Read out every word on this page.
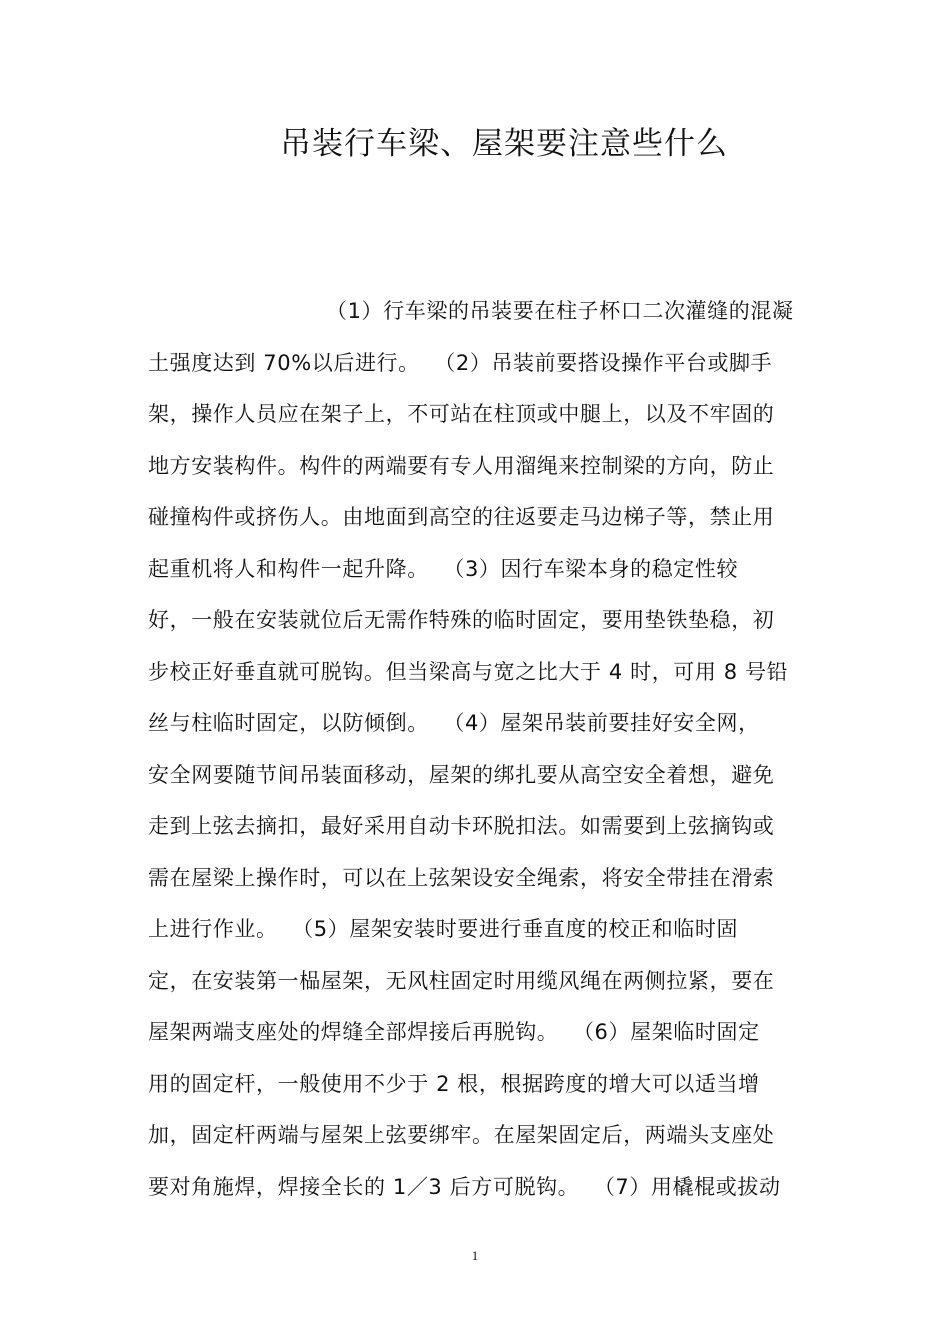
吊装行车梁、屋架要注意些什么
（1）行车梁的吊装要在柱子杯口二次灌缝的混凝
土强度达到 70%以后进行。  （2）吊装前要搭设操作平台或脚手
架，操作人员应在架子上，不可站在柱顶或中腿上，以及不牢固的
地方安装构件。构件的两端要有专人用溜绳来控制梁的方向，防止
碰撞构件或挤伤人。由地面到高空的往返要走马边梯子等，禁止用
起重机将人和构件一起升降。  （3）因行车梁本身的稳定性较
好，一般在安装就位后无需作特殊的临时固定，要用垫铁垫稳，初
步校正好垂直就可脱钩。但当梁高与宽之比大于 4 时，可用 8 号铅
丝与柱临时固定，以防倾倒。  （4）屋架吊装前要挂好安全网，
安全网要随节间吊装面移动，屋架的绑扎要从高空安全着想，避免
走到上弦去摘扣，最好采用自动卡环脱扣法。如需要到上弦摘钩或
需在屋梁上操作时，可以在上弦架设安全绳索，将安全带挂在滑索
上进行作业。  （5）屋架安装时要进行垂直度的校正和临时固
定，在安装第一榀屋架，无风柱固定时用缆风绳在两侧拉紧，要在
屋架两端支座处的焊缝全部焊接后再脱钩。  （6）屋架临时固定
用的固定杆，一般使用不少于 2 根，根据跨度的增大可以适当增
加，固定杆两端与屋架上弦要绑牢。在屋架固定后，两端头支座处
要对角施焊，焊接全长的 1／3 后方可脱钩。  （7）用橇棍或拔动
1
